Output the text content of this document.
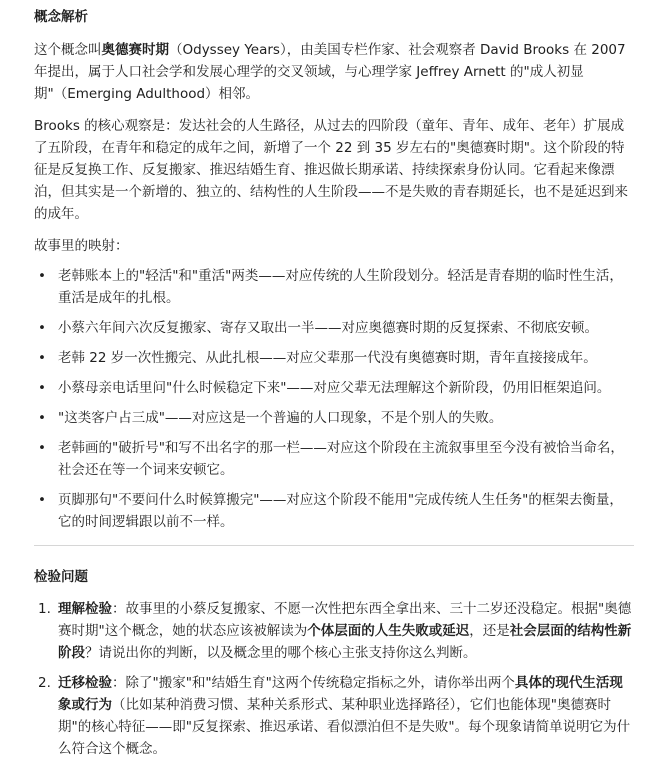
概念解析

这个概念叫奥德赛时期（Odyssey Years），由美国专栏作家、社会观察者 David Brooks 在 2007 年提出，属于人口社会学和发展心理学的交叉领域，与心理学家 Jeffrey Arnett 的"成人初显期"（Emerging Adulthood）相邻。

Brooks 的核心观察是：发达社会的人生路径，从过去的四阶段（童年、青年、成年、老年）扩展成了五阶段，在青年和稳定的成年之间，新增了一个 22 到 35 岁左右的"奥德赛时期"。这个阶段的特征是反复换工作、反复搬家、推迟结婚生育、推迟做长期承诺、持续探索身份认同。它看起来像漂泊，但其实是一个新增的、独立的、结构性的人生阶段——不是失败的青春期延长，也不是延迟到来的成年。

故事里的映射：

• 老韩账本上的"轻活"和"重活"两类——对应传统的人生阶段划分。轻活是青春期的临时性生活，重活是成年的扎根。
• 小蔡六年间六次反复搬家、寄存又取出一半——对应奥德赛时期的反复探索、不彻底安顿。
• 老韩 22 岁一次性搬完、从此扎根——对应父辈那一代没有奥德赛时期，青年直接接成年。
• 小蔡母亲电话里问"什么时候稳定下来"——对应父辈无法理解这个新阶段，仍用旧框架追问。
• "这类客户占三成"——对应这是一个普遍的人口现象，不是个别人的失败。
• 老韩画的"破折号"和写不出名字的那一栏——对应这个阶段在主流叙事里至今没有被恰当命名，社会还在等一个词来安顿它。
• 页脚那句"不要问什么时候算搬完"——对应这个阶段不能用"完成传统人生任务"的框架去衡量，它的时间逻辑跟以前不一样。
检验问题
1. 理解检验：故事里的小蔡反复搬家、不愿一次性把东西全拿出来、三十二岁还没稳定。根据"奥德赛时期"这个概念，她的状态应该被解读为个体层面的人生失败或延迟，还是社会层面的结构性新阶段？请说出你的判断，以及概念里的哪个核心主张支持你这么判断。
2. 迁移检验：除了"搬家"和"结婚生育"这两个传统稳定指标之外，请你举出两个具体的现代生活现象或行为（比如某种消费习惯、某种关系形式、某种职业选择路径），它们也能体现"奥德赛时期"的核心特征——即"反复探索、推迟承诺、看似漂泊但不是失败"。每个现象请简单说明它为什么符合这个概念。
